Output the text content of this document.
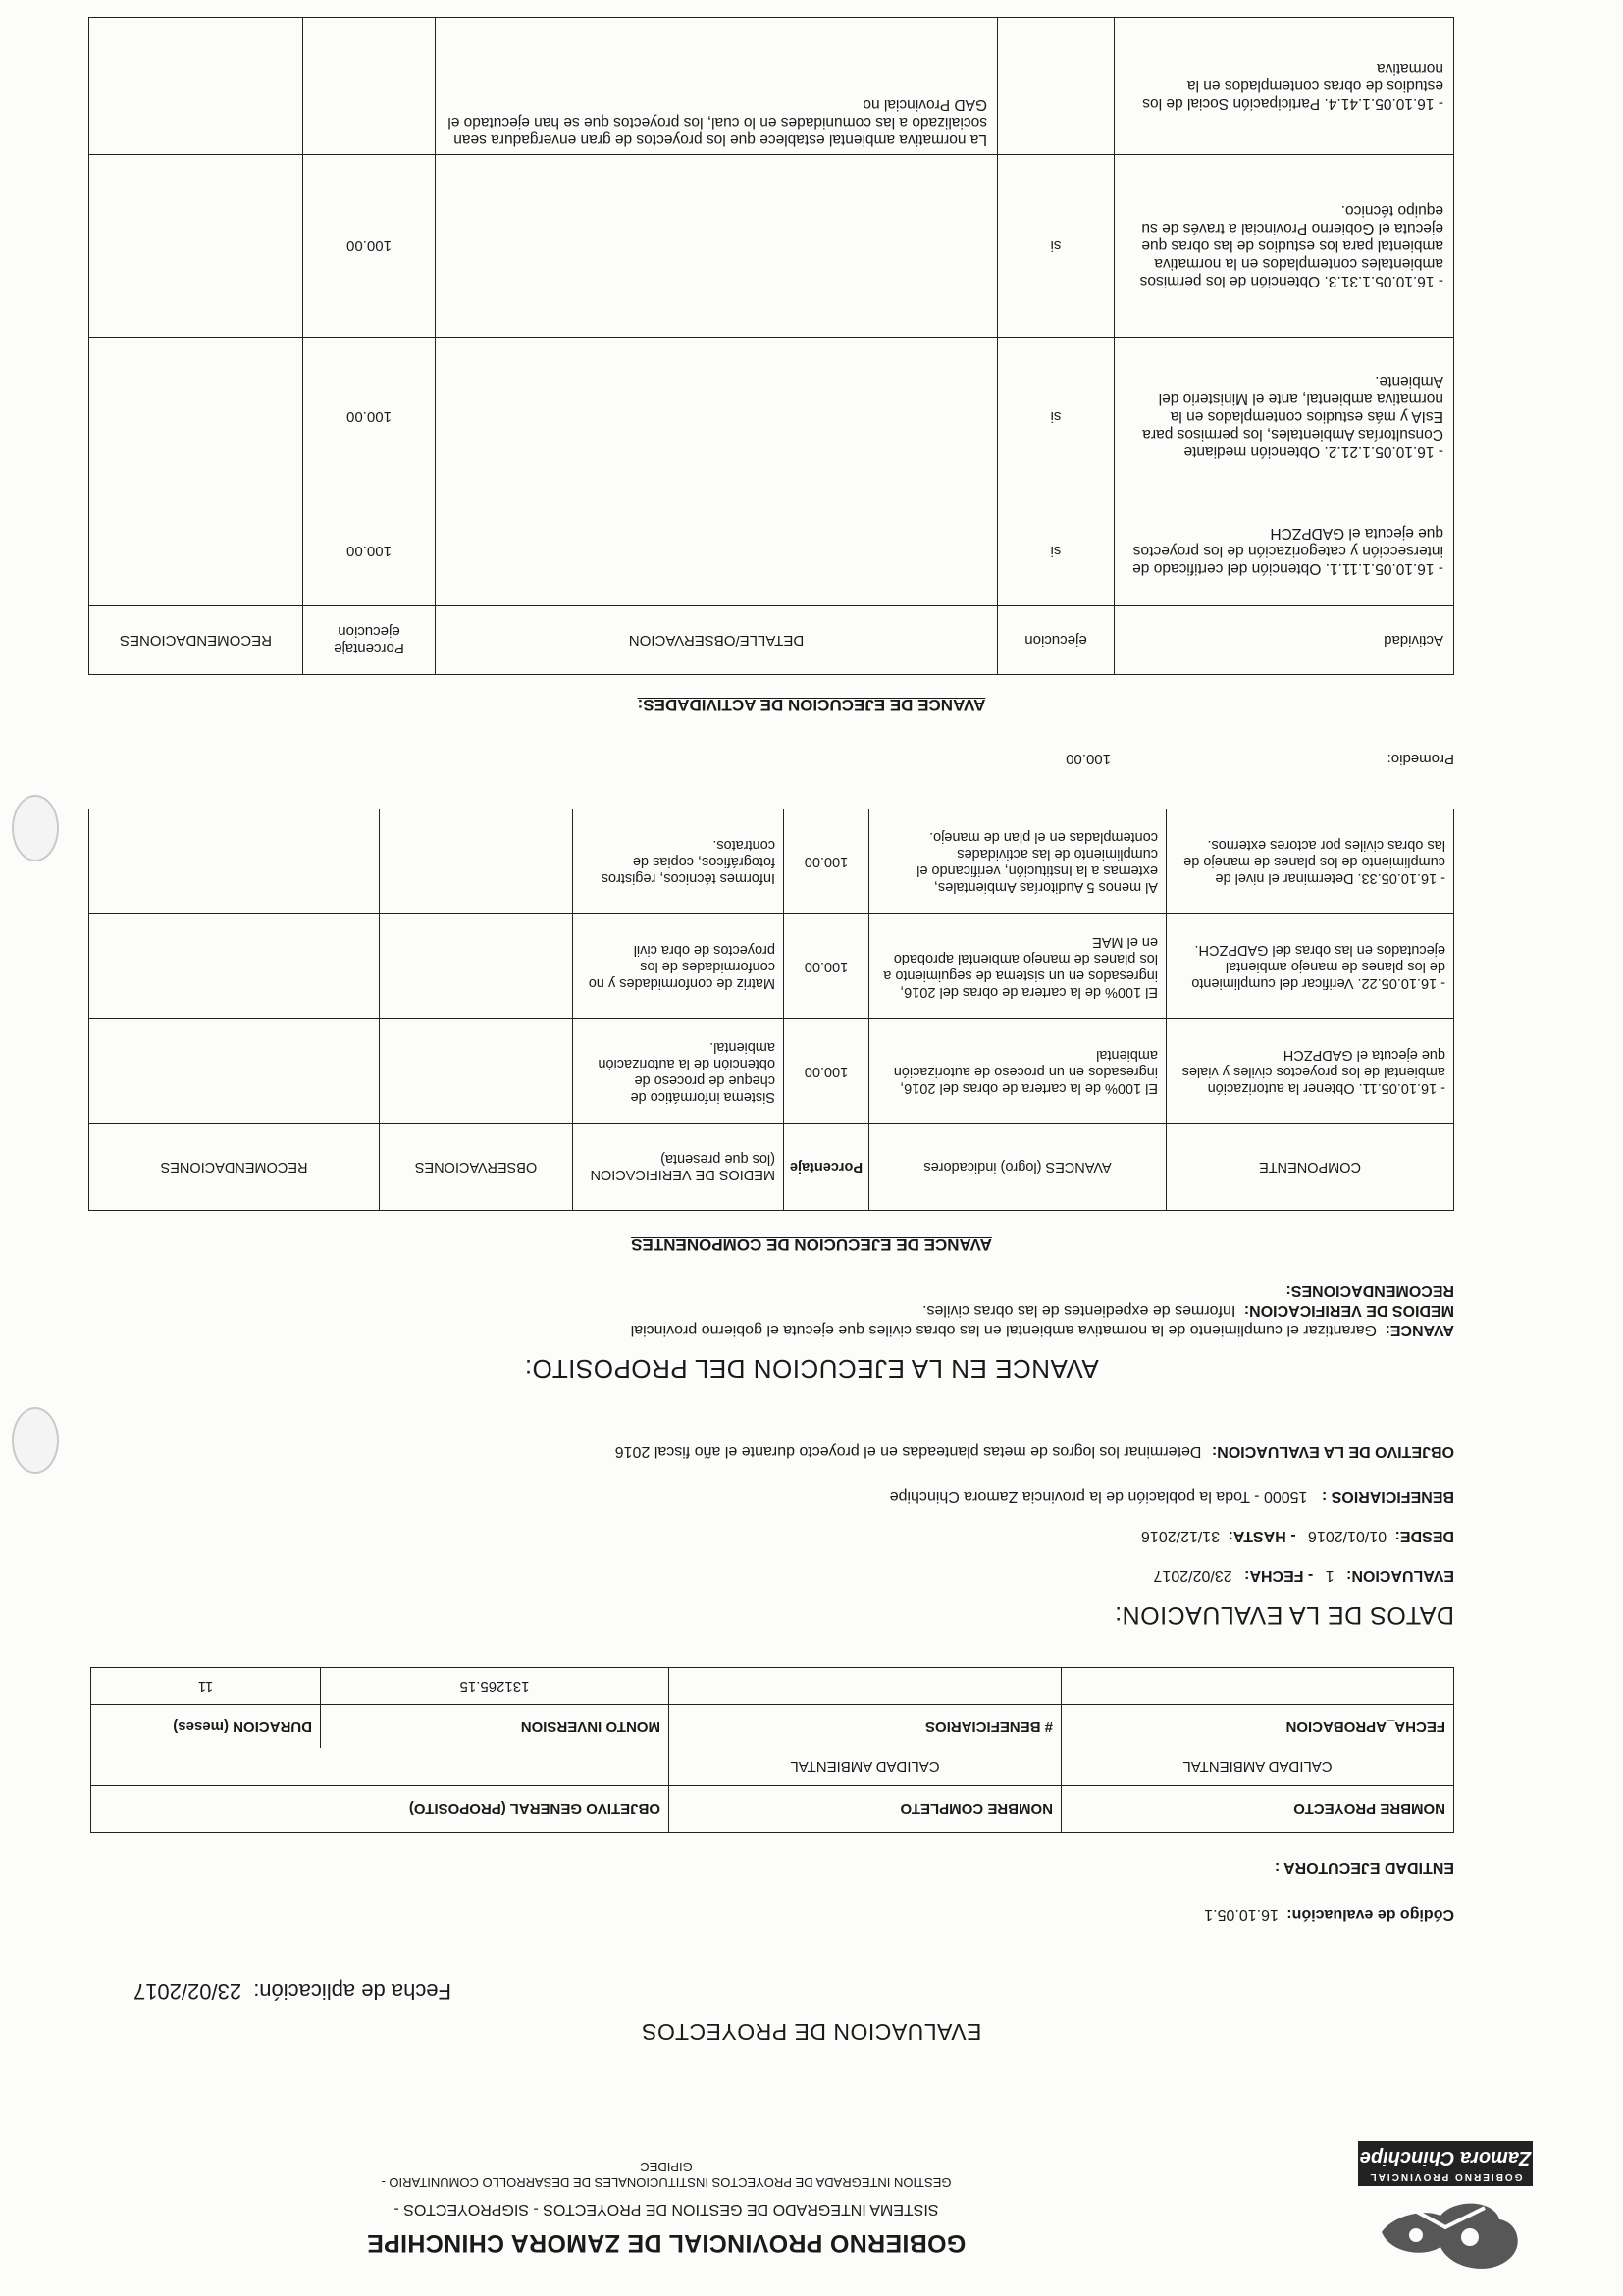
GOBIERNO PROVINCIAL
Zamora Chinchipe
GOBIERNO PROVINCIAL DE ZAMORA CHINCHIPE
SISTEMA INTEGRADO DE GESTION DE PROYECTOS - SIGPROYECTOS -
GESTION INTEGRADA DE PROYECTOS INSTITUCIONALES DE DESARROLLO COMUNITARIO -
GIPIDEC
EVALUACION DE PROYECTOS
Fecha de aplicación: 23/02/2017
Código de evaluación: 16.10.05.1
ENTIDAD EJECUTORA :
NOMBRE PROYECTO	NOMBRE COMPLETO	OBJETIVO GENERAL (PROPOSITO)	
CALIDAD AMBIENTAL	CALIDAD AMBIENTAL		
FECHA_APROBACION	# BENEFICIARIOS	MONTO INVERSION	DURACION (meses)
		131265.15	11
DATOS DE LA EVALUACION:
EVALUACION: 1 - FECHA: 23/02/2017
DESDE: 01/01/2016 - HASTA: 31/12/2016
BENEFICIARIOS : 15000 - Toda la población de la provincia Zamora Chinchipe
OBJETIVO DE LA EVALUACION: Determinar los logros de metas planteadas en el proyecto durante el año fiscal 2016
AVANCE EN LA EJECUCION DEL PROPOSITO:
AVANCE: Garantizar el cumplimiento de la normativa ambiental en las obras civiles que ejecuta el gobierno provincial
MEDIOS DE VERIFICACION: Informes de expedientes de las obras civiles.
RECOMENDACIONES:
AVANCE DE EJECUCION DE COMPONENTES
COMPONENTE	AVANCES (logro) indicadores	Porcentaje	MEDIOS DE VERIFICACION (los que presenta)	OBSERVACIONES	RECOMENDACIONES
- 16.10.05.11. Obtener la autorización ambiental de los proyectos civiles y viales que ejecuta el GADPZCH	El 100% de la cartera de obras del 2016, ingresados en un proceso de autorización ambiental	100.00	Sistema informático de cheque de proceso de obtención de la autorización ambiental.		
- 16.10.05.22. Verificar del cumplimiento de los planes de manejo ambiental ejecutados en las obras del GADPZCH.	El 100% de la cartera de obras del 2016, ingresados en un sistema de seguimiento a los planes de manejo ambiental aprobado en el MAE	100.00	Matriz de conformidades y no conformidades de los proyectos de obra civil		
- 16.10.05.33. Determinar el nivel de cumplimiento de los planes de manejo de las obras civiles por actores externos.	Al menos 5 Auditorías Ambientales, externas a la Institución, verificando el cumplimiento de las actividades contempladas en el plan de manejo.	100.00	Informes técnicos, registros fotográficos, copias de contratos.		
Promedio:
100.00
AVANCE DE EJECUCION DE ACTIVIDADES:
Actividad	ejecucion	DETALLE/OBSERVACION	Porcentaje ejecucion	RECOMENDACIONES
- 16.10.05.1.11.1. Obtención del certificado de intersección y categorización de los proyectos que ejecuta el GADPZCH	si		100.00	
- 16.10.05.1.21.2. Obtención mediante Consultorías Ambientales, los permisos para EsIA y más estudios contemplados en la normativa ambiental, ante el Ministerio del Ambiente.	si		100.00	
- 16.10.05.1.31.3. Obtención de los permisos ambientales contemplados en la normativa ambiental para los estudios de las obras que ejecuta el Gobierno Provincial a través de su equipo técnico.	si		100.00	
- 16.10.05.1.41.4. Participación Social de los estudios de obras contemplados en la normativa		La normativa ambiental establece que los proyectos de gran envergadura sean socializado a las comunidades en lo cual, los proyectos que se han ejecutado el GAD Provincial no		
